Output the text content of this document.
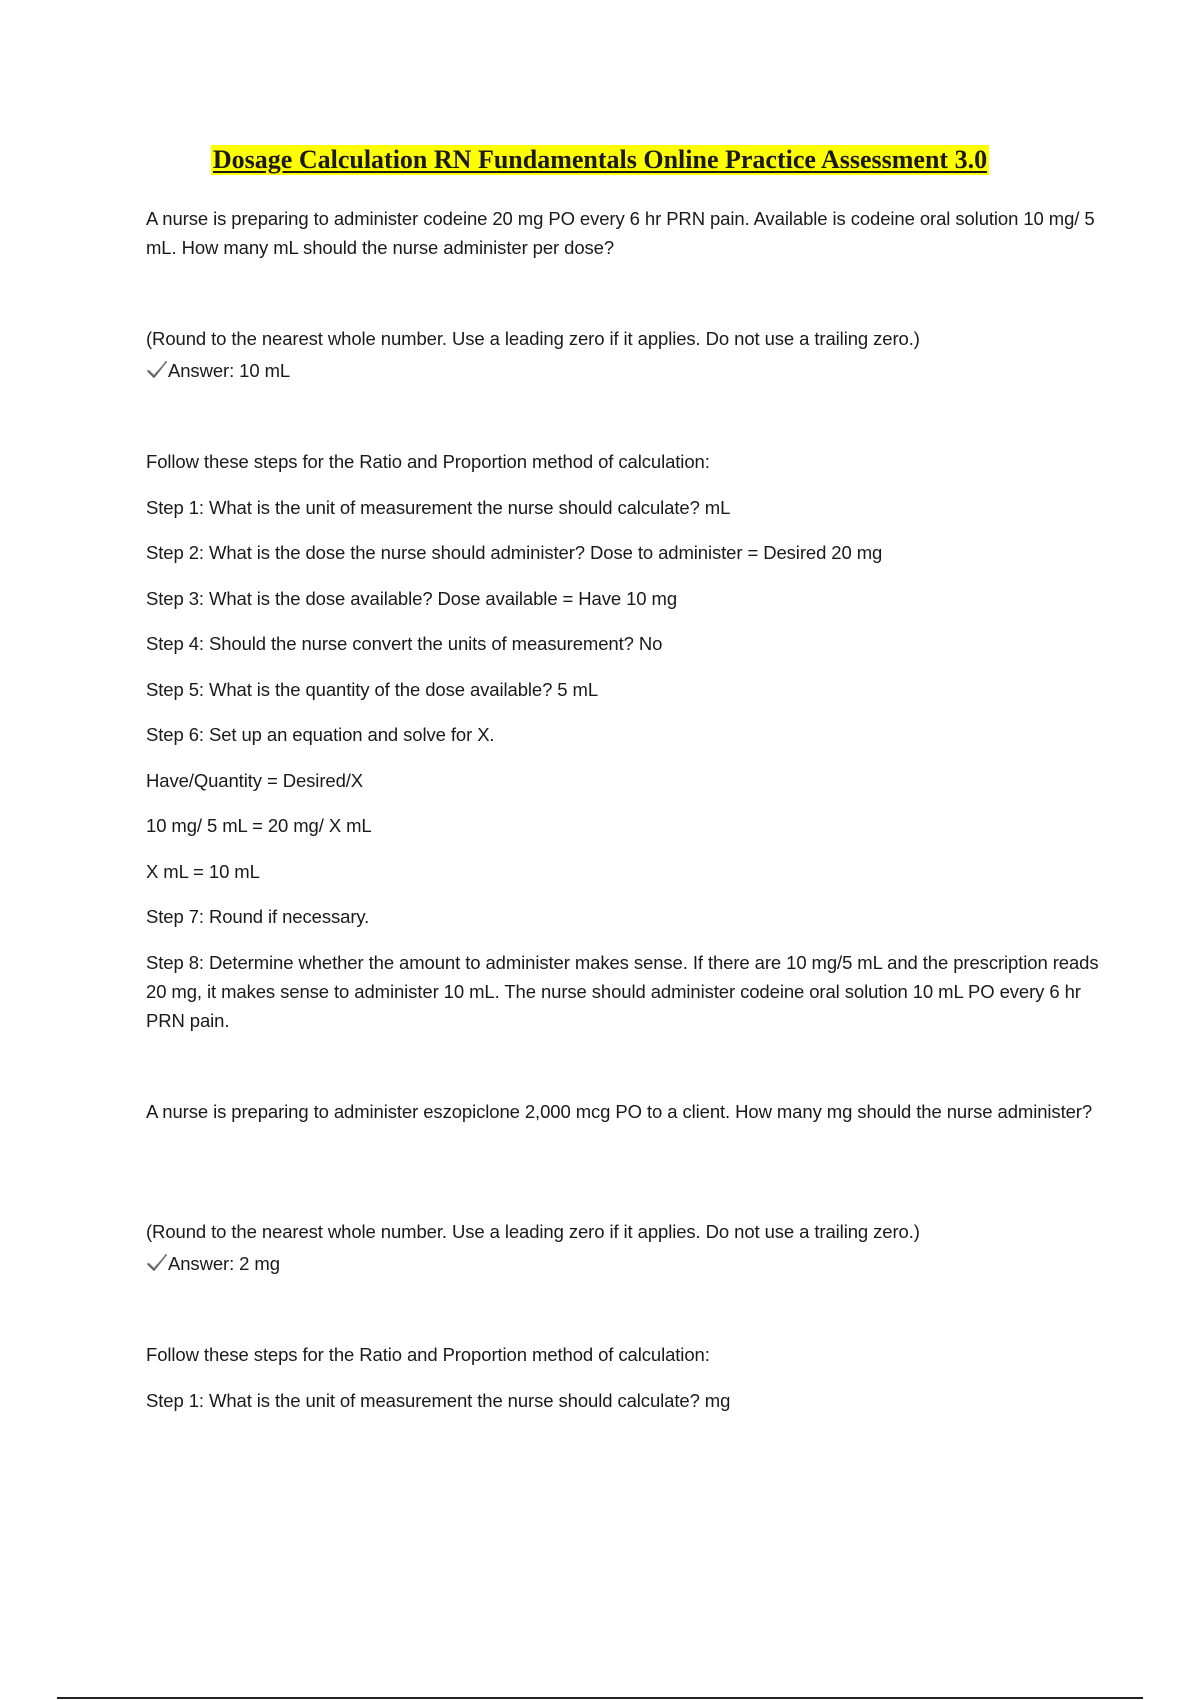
Dosage Calculation RN Fundamentals Online Practice Assessment 3.0

A nurse is preparing to administer codeine 20 mg PO every 6 hr PRN pain. Available is codeine oral solution 10 mg/ 5 mL. How many mL should the nurse administer per dose?

(Round to the nearest whole number. Use a leading zero if it applies. Do not use a trailing zero.)

Answer: 10 mL

Follow these steps for the Ratio and Proportion method of calculation:

Step 1: What is the unit of measurement the nurse should calculate? mL

Step 2: What is the dose the nurse should administer? Dose to administer = Desired 20 mg

Step 3: What is the dose available? Dose available = Have 10 mg

Step 4: Should the nurse convert the units of measurement? No

Step 5: What is the quantity of the dose available? 5 mL

Step 6: Set up an equation and solve for X.

Have/Quantity = Desired/X

10 mg/ 5 mL = 20 mg/ X mL

X mL = 10 mL

Step 7: Round if necessary.

Step 8: Determine whether the amount to administer makes sense. If there are 10 mg/5 mL and the prescription reads 20 mg, it makes sense to administer 10 mL. The nurse should administer codeine oral solution 10 mL PO every 6 hr PRN pain.

A nurse is preparing to administer eszopiclone 2,000 mcg PO to a client. How many mg should the nurse administer?

(Round to the nearest whole number. Use a leading zero if it applies. Do not use a trailing zero.)

Answer: 2 mg

Follow these steps for the Ratio and Proportion method of calculation:

Step 1: What is the unit of measurement the nurse should calculate? mg
